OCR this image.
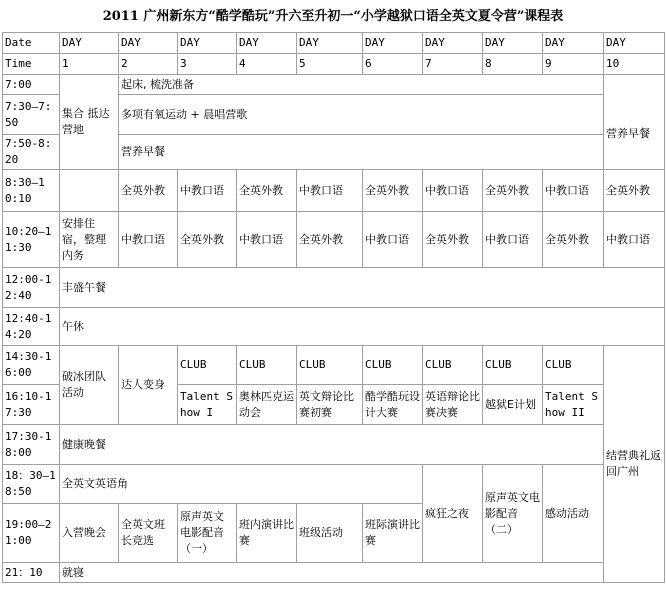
2011 广州新东方“酷学酷玩”升六至升初一“小学越狱口语全英文夏令营”课程表
Date	DAY	DAY	DAY	DAY	DAY	DAY	DAY	DAY	DAY	DAY
Time	1	2	3	4	5	6	7	8	9	10
7:00	集合 抵达营地	起床, 梳洗准备								营养早餐
7:30—7:50		多项有氧运动 + 晨唱营歌								
7:50-8:20		营养早餐								
8:30—10:10		全英外教	中教口语	全英外教	中教口语	全英外教	中教口语	全英外教	中教口语	全英外教
10:20—11:30	安排住宿，整理内务	中教口语	全英外教	中教口语	全英外教	中教口语	全英外教	中教口语	全英外教	中教口语
12:00-12:40	丰盛午餐									
12:40-14:20	午休									
14:30-16:00	破冰团队活动	达人变身	CLUB	CLUB	CLUB	CLUB	CLUB	CLUB	CLUB	结营典礼返回广州
16:10-17:30			Talent Show I	奥林匹克运动会	英文辩论比赛初赛	酷学酷玩设计大赛	英语辩论比赛决赛	越狱E计划	Talent Show II	
17:30-18:00	健康晚餐									
18：30—18:50	全英文英语角						疯狂之夜	原声英文电影配音（二）	感动活动	
19:00—21:00	入营晚会	全英文班长竞选	原声英文电影配音（一）	班内演讲比赛	班级活动	班际演讲比赛				
21：10	就寝									
